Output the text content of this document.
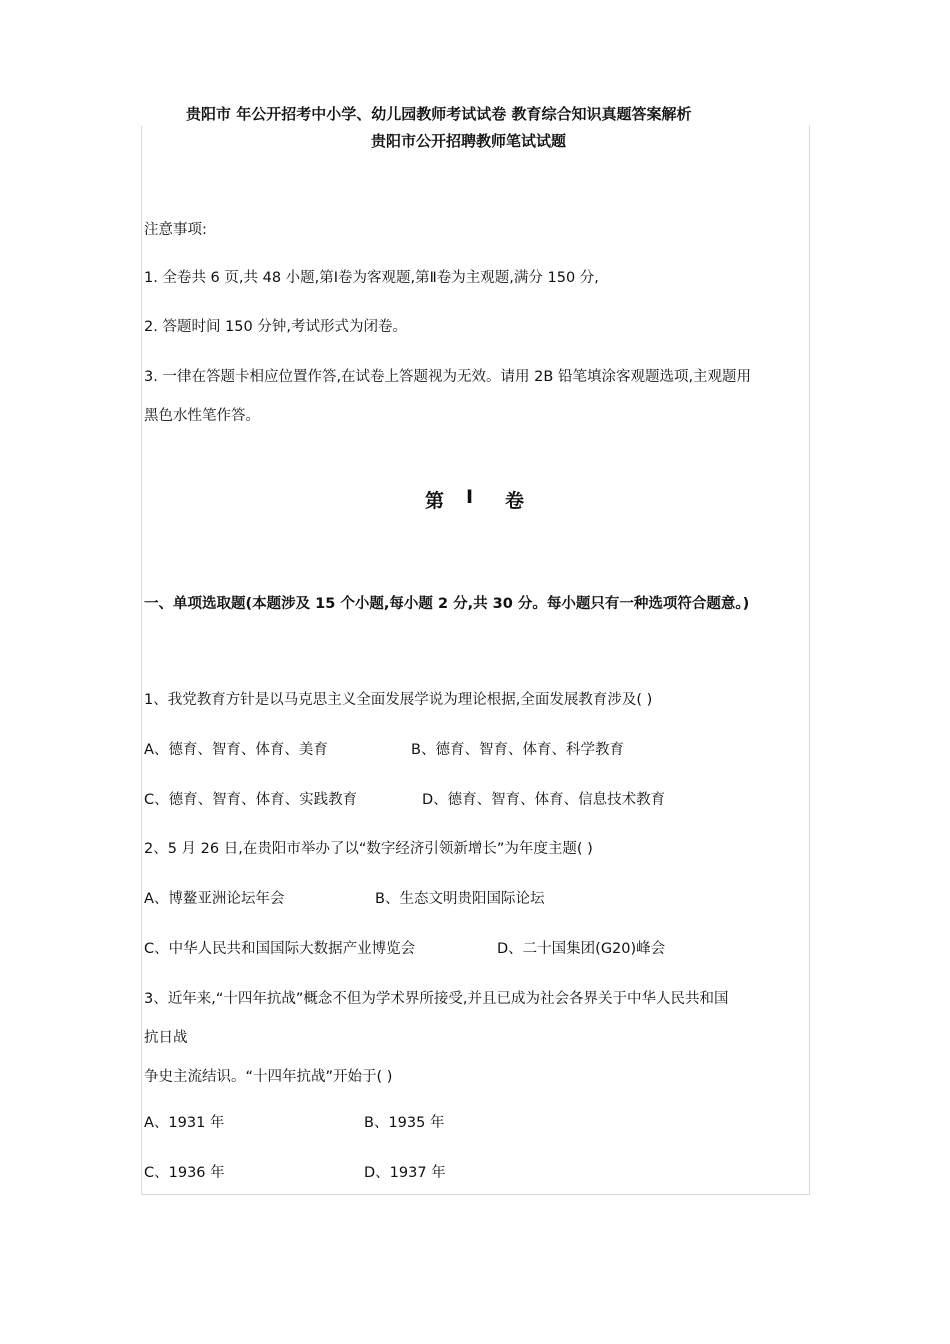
贵阳市 年公开招考中小学、幼儿园教师考试试卷 教育综合知识真题答案解析
贵阳市公开招聘教师笔试试题
注意事项:
1. 全卷共 6 页,共 48 小题,第Ⅰ卷为客观题,第Ⅱ卷为主观题,满分 150 分,
2. 答题时间 150 分钟,考试形式为闭卷。
3. 一律在答题卡相应位置作答,在试卷上答题视为无效。请用 2B 铅笔填涂客观题选项,主观题用
黑色水性笔作答。
第 Ⅰ 卷
一、单项选取题(本题涉及 15 个小题,每小题 2 分,共 30 分。每小题只有一种选项符合题意。)
1、我党教育方针是以马克思主义全面发展学说为理论根据,全面发展教育涉及( )
A、德育、智育、体育、美育	B、德育、智育、体育、科学教育
C、德育、智育、体育、实践教育	D、德育、智育、体育、信息技术教育
2、5 月 26 日,在贵阳市举办了以“数字经济引领新增长”为年度主题( )
A、博鳌亚洲论坛年会	B、生态文明贵阳国际论坛
C、中华人民共和国国际大数据产业博览会	D、二十国集团(G20)峰会
3、近年来,“十四年抗战”概念不但为学术界所接受,并且已成为社会各界关于中华人民共和国
抗日战
争史主流结识。“十四年抗战”开始于( )
A、1931 年	B、1935 年
C、1936 年	D、1937 年
